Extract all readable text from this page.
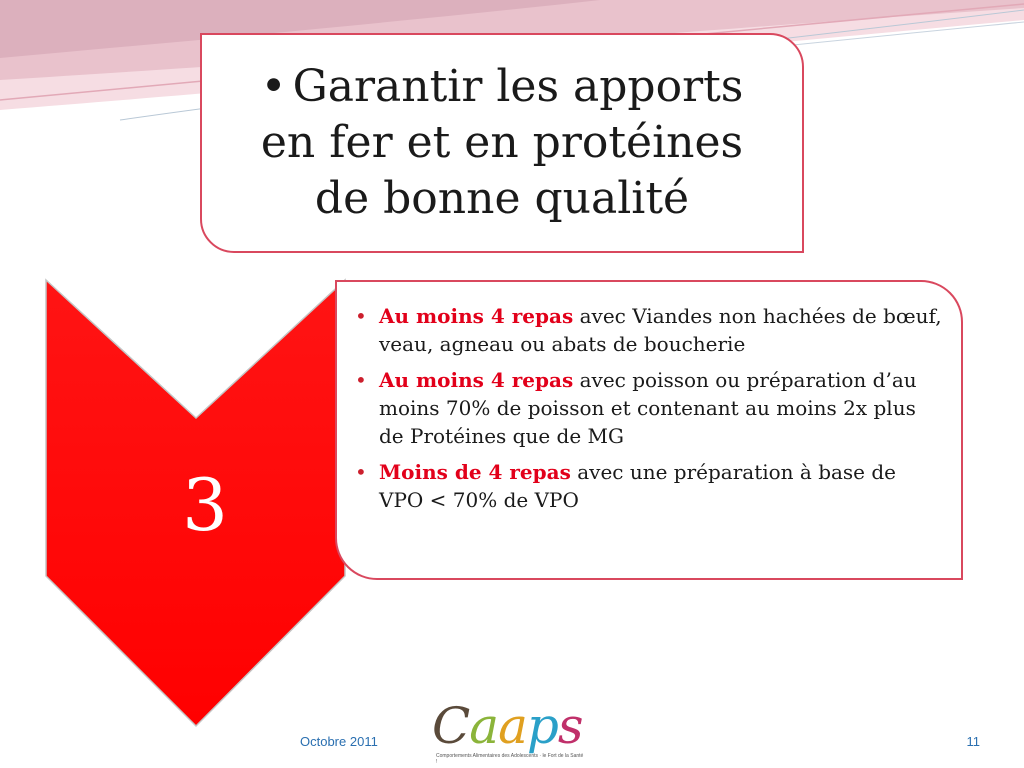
• Garantir les apports
en fer et en protéines
de bonne qualité
3
• Au moins 4 repas avec Viandes non hachées de bœuf, veau, agneau ou abats de boucherie
• Au moins 4 repas avec poisson ou préparation d’au moins 70% de poisson et contenant au moins 2x plus de Protéines que de MG
• Moins de 4 repas avec une préparation à base de VPO < 70% de VPO
Octobre 2011 Caaps
Comportements Alimentaires des Adolescents · le Fort de la Santé !
11
